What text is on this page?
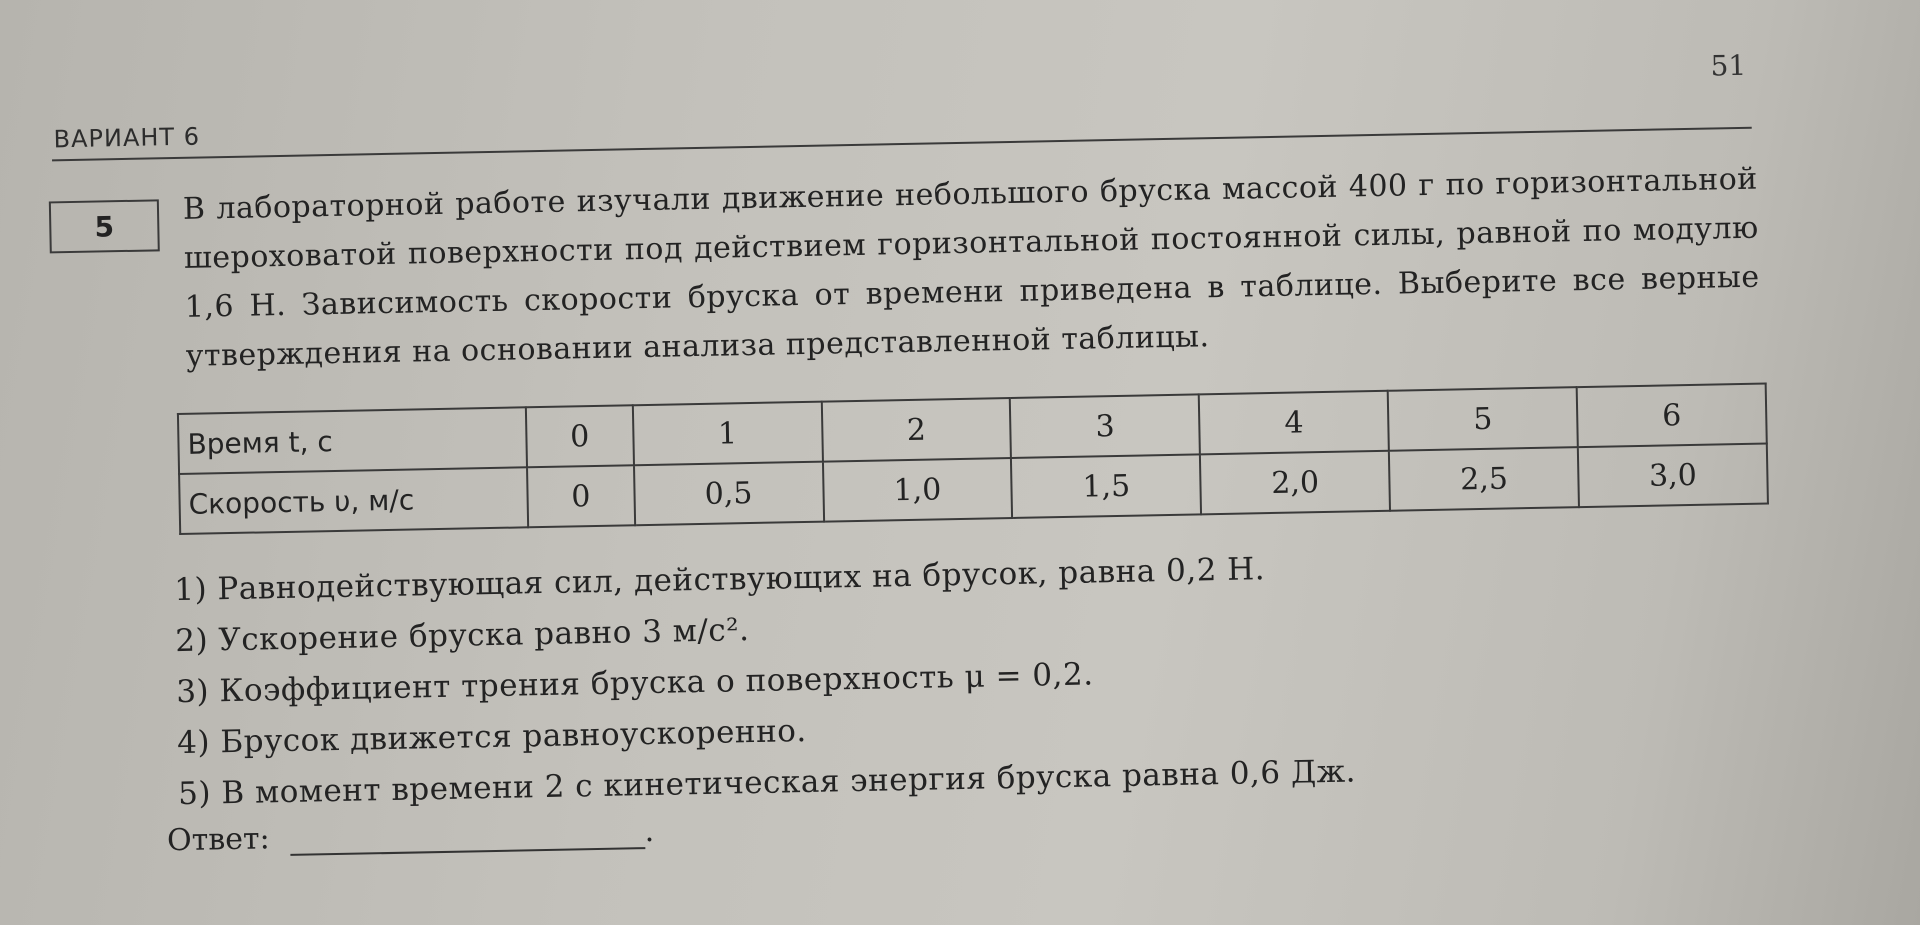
51
ВАРИАНТ 6
5 В лабораторной работе изучали движение небольшого бруска массой 400 г по горизонтальной шероховатой поверхности под действием горизонтальной постоянной силы, равной по модулю 1,6 Н. Зависимость скорости бруска от времени приведена в таблице. Выберите все верные утверждения на основании анализа представленной таблицы.
Время t, с	0	1	2	3	4	5	6
Скорость υ, м/с	0	0,5	1,0	1,5	2,0	2,5	3,0
1) Равнодействующая сил, действующих на брусок, равна 0,2 Н.
2) Ускорение бруска равно 3 м/с².
3) Коэффициент трения бруска о поверхность μ = 0,2.
4) Брусок движется равноускоренно.
5) В момент времени 2 с кинетическая энергия бруска равна 0,6 Дж.
Ответ:	.
